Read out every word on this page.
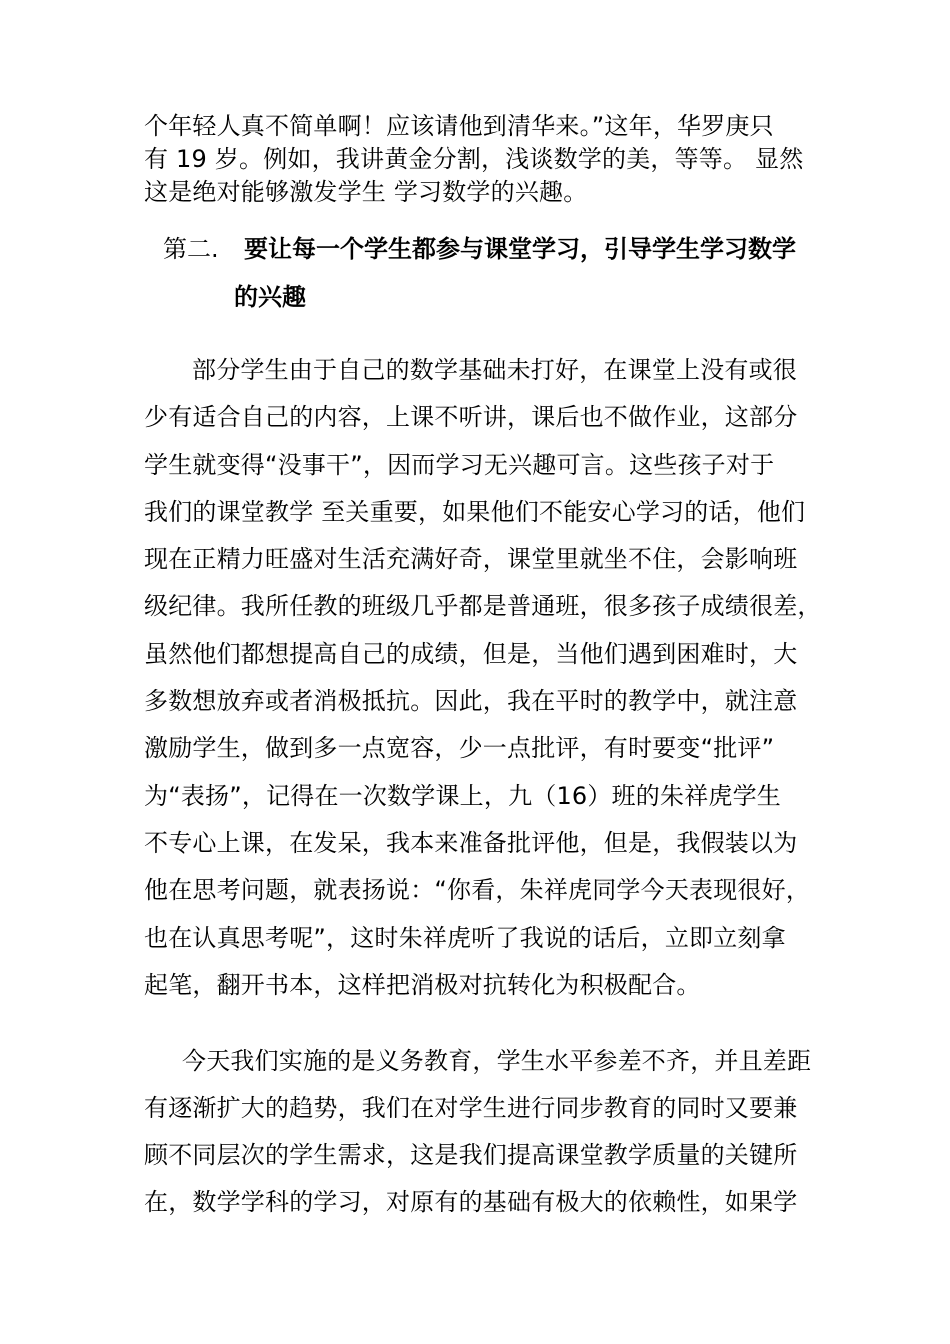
个年轻人真不简单啊！应该请他到清华来。”这年，华罗庚只
有 19 岁。例如，我讲黄金分割，浅谈数学的美，等等。 显然
这是绝对能够激发学生 学习数学的兴趣。
第二. 要让每一个学生都参与课堂学习，引导学生学习数学
的兴趣
部分学生由于自己的数学基础未打好，在课堂上没有或很
少有适合自己的内容，上课不听讲，课后也不做作业，这部分
学生就变得“没事干”，因而学习无兴趣可言。这些孩子对于
我们的课堂教学 至关重要，如果他们不能安心学习的话，他们
现在正精力旺盛对生活充满好奇，课堂里就坐不住，会影响班
级纪律。我所任教的班级几乎都是普通班，很多孩子成绩很差，
虽然他们都想提高自己的成绩，但是，当他们遇到困难时，大
多数想放弃或者消极抵抗。因此，我在平时的教学中，就注意
激励学生，做到多一点宽容，少一点批评，有时要变“批评”
为“表扬”，记得在一次数学课上，九（16）班的朱祥虎学生
不专心上课，在发呆，我本来准备批评他，但是，我假装以为
他在思考问题，就表扬说：“你看，朱祥虎同学今天表现很好，
也在认真思考呢”，这时朱祥虎听了我说的话后，立即立刻拿
起笔，翻开书本，这样把消极对抗转化为积极配合。
今天我们实施的是义务教育，学生水平参差不齐，并且差距
有逐渐扩大的趋势，我们在对学生进行同步教育的同时又要兼
顾不同层次的学生需求，这是我们提高课堂教学质量的关键所
在，数学学科的学习，对原有的基础有极大的依赖性，如果学
